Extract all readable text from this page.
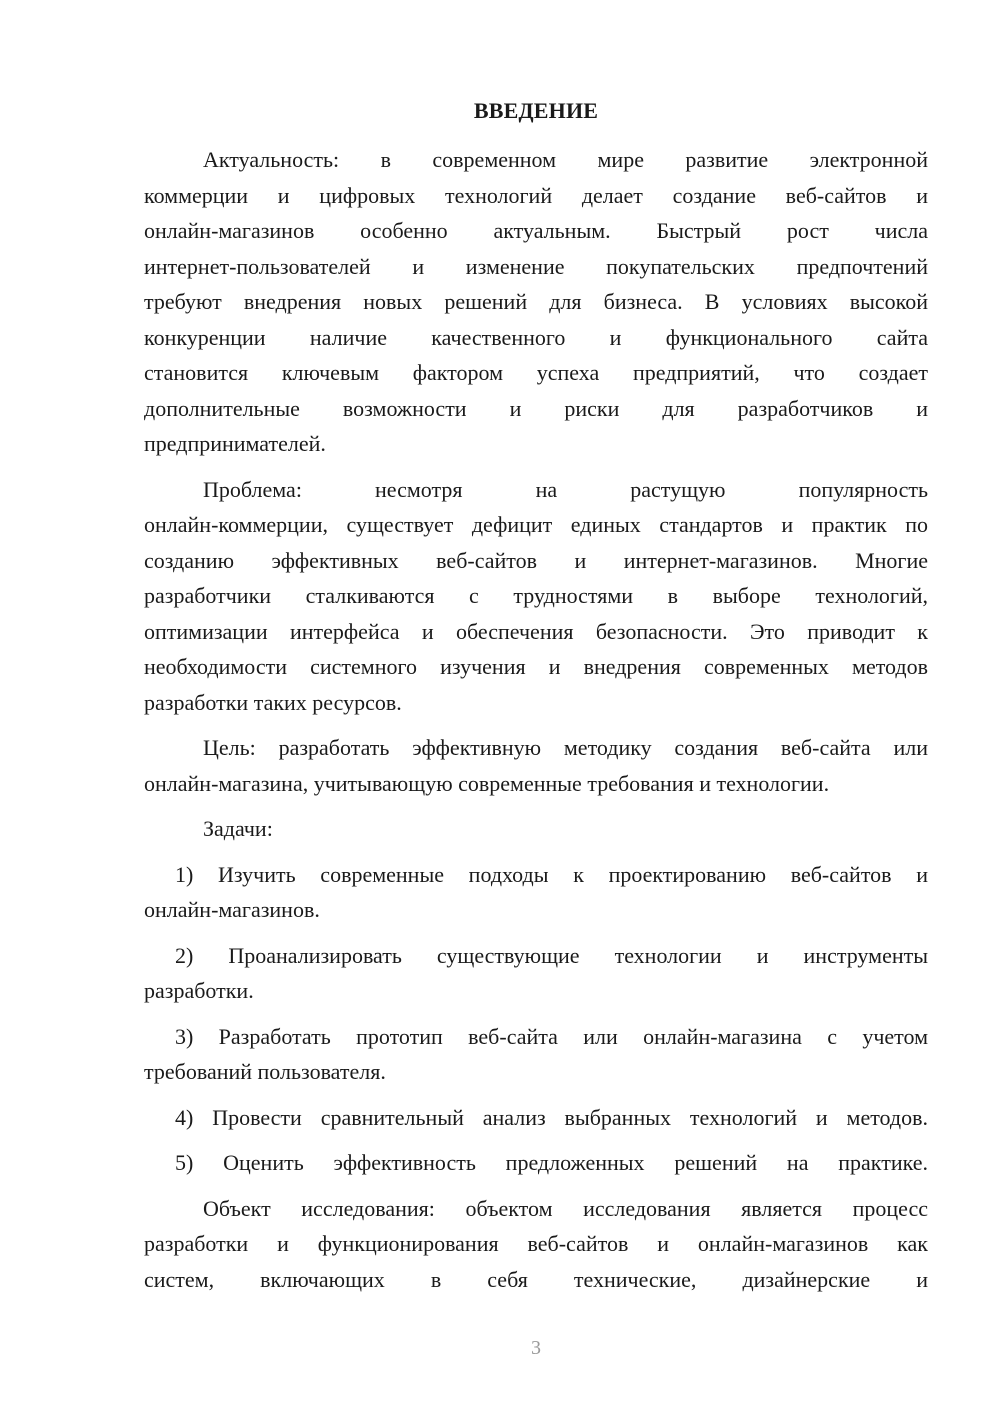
ВВЕДЕНИЕ

Актуальность: в современном мире развитие электронной
коммерции и цифровых технологий делает создание веб-сайтов и
онлайн-магазинов особенно актуальным. Быстрый рост числа
интернет-пользователей и изменение покупательских предпочтений
требуют внедрения новых решений для бизнеса. В условиях высокой
конкуренции наличие качественного и функционального сайта
становится ключевым фактором успеха предприятий, что создает
дополнительные возможности и риски для разработчиков и
предпринимателей.

Проблема: несмотря на растущую популярность
онлайн-коммерции, существует дефицит единых стандартов и практик по
созданию эффективных веб-сайтов и интернет-магазинов. Многие
разработчики сталкиваются с трудностями в выборе технологий,
оптимизации интерфейса и обеспечения безопасности. Это приводит к
необходимости системного изучения и внедрения современных методов
разработки таких ресурсов.

Цель: разработать эффективную методику создания веб-сайта или
онлайн-магазина, учитывающую современные требования и технологии.

Задачи:

1) Изучить современные подходы к проектированию веб-сайтов и
онлайн-магазинов.

2) Проанализировать существующие технологии и инструменты
разработки.

3) Разработать прототип веб-сайта или онлайн-магазина с учетом
требований пользователя.

4) Провести сравнительный анализ выбранных технологий и методов.

5) Оценить эффективность предложенных решений на практике.

Объект исследования: объектом исследования является процесс
разработки и функционирования веб-сайтов и онлайн-магазинов как
систем, включающих в себя технические, дизайнерские и

3
